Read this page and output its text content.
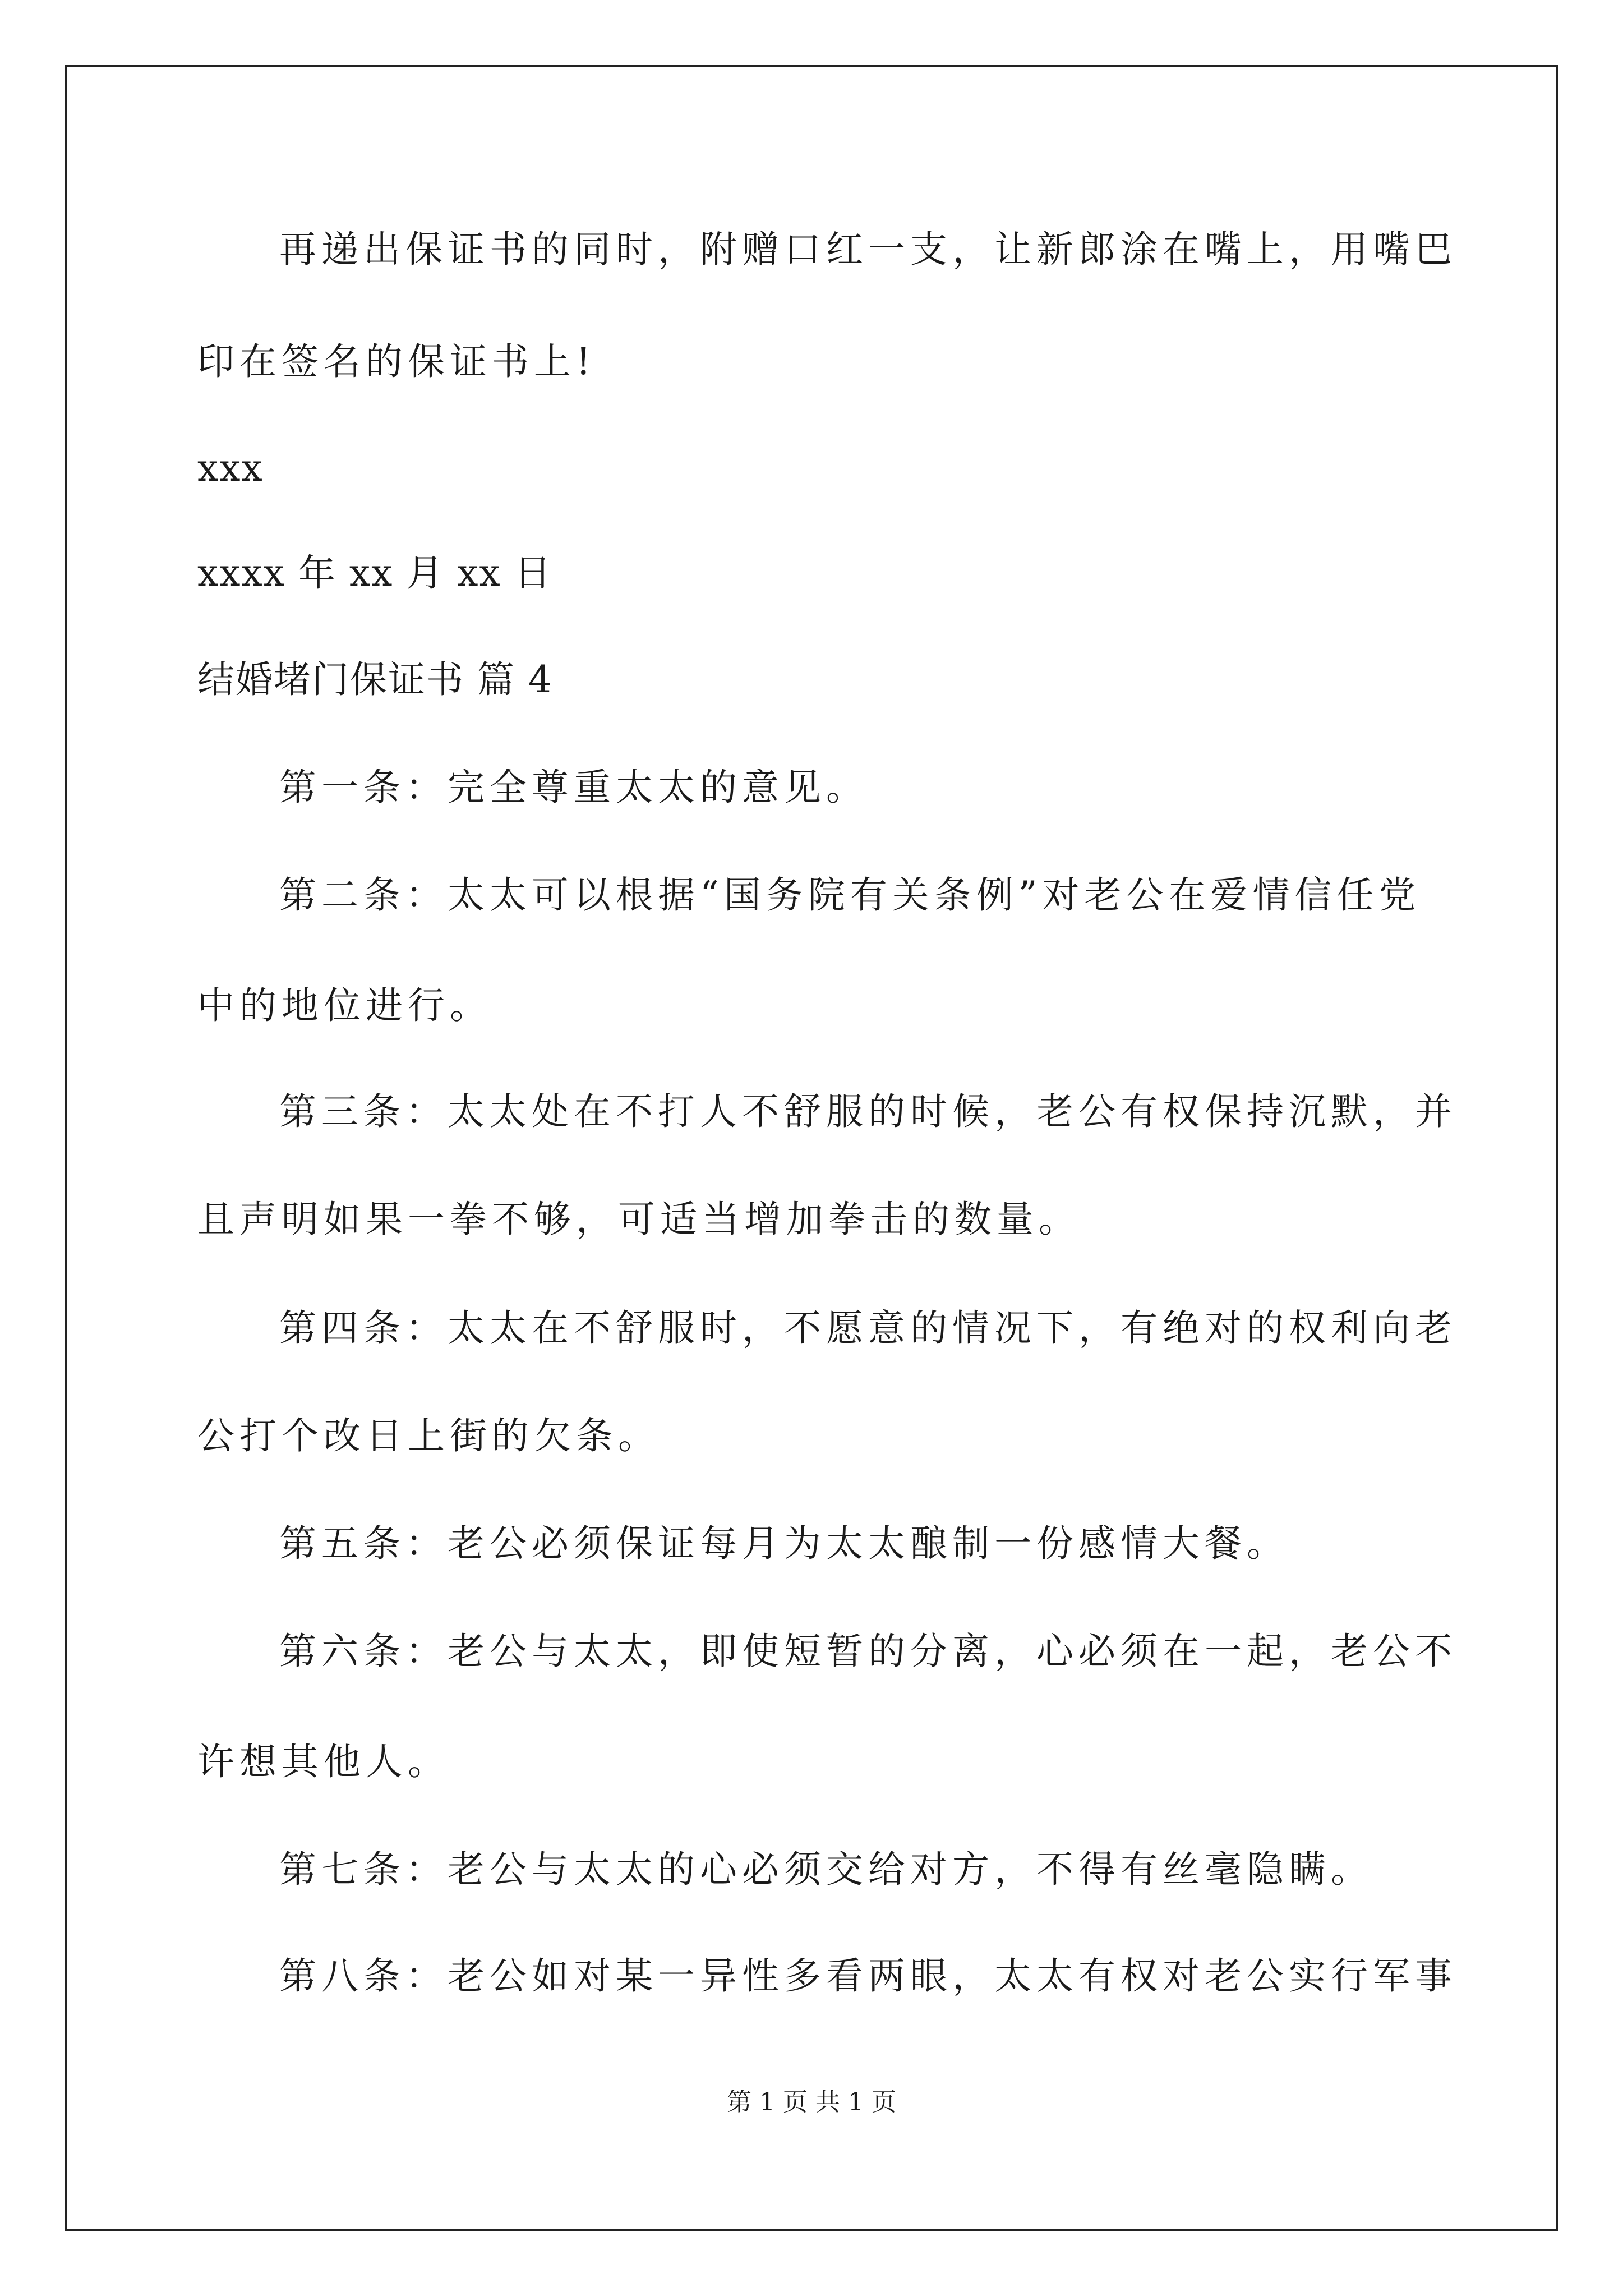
再递出保证书的同时，附赠口红一支，让新郎涂在嘴上，用嘴巴

印在签名的保证书上!

xxx

xxxx 年 xx 月 xx 日

结婚堵门保证书 篇 4

第一条：完全尊重太太的意见。

第二条：太太可以根据“国务院有关条例”对老公在爱情信任党

中的地位进行。

第三条：太太处在不打人不舒服的时候，老公有权保持沉默，并

且声明如果一拳不够，可适当增加拳击的数量。

第四条：太太在不舒服时，不愿意的情况下，有绝对的权利向老

公打个改日上街的欠条。

第五条：老公必须保证每月为太太酿制一份感情大餐。

第六条：老公与太太，即使短暂的分离，心必须在一起，老公不

许想其他人。

第七条：老公与太太的心必须交给对方，不得有丝毫隐瞒。

第八条：老公如对某一异性多看两眼，太太有权对老公实行军事

第 1 页 共 1 页
